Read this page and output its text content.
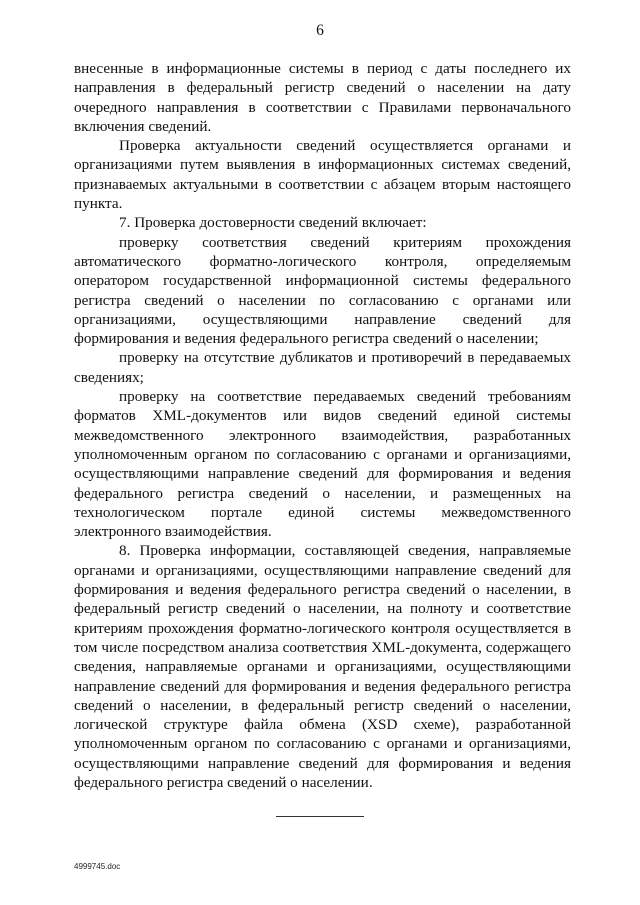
6

внесенные в информационные системы в период с даты последнего их направления в федеральный регистр сведений о населении на дату очередного направления в соответствии с Правилами первоначального включения сведений.

Проверка актуальности сведений осуществляется органами и организациями путем выявления в информационных системах сведений, признаваемых актуальными в соответствии с абзацем вторым настоящего пункта.

7. Проверка достоверности сведений включает:

проверку соответствия сведений критериям прохождения автоматического форматно-логического контроля, определяемым оператором государственной информационной системы федерального регистра сведений о населении по согласованию с органами или организациями, осуществляющими направление сведений для формирования и ведения федерального регистра сведений о населении;

проверку на отсутствие дубликатов и противоречий в передаваемых сведениях;

проверку на соответствие передаваемых сведений требованиям форматов XML-документов или видов сведений единой системы межведомственного электронного взаимодействия, разработанных уполномоченным органом по согласованию с органами и организациями, осуществляющими направление сведений для формирования и ведения федерального регистра сведений о населении, и размещенных на технологическом портале единой системы межведомственного электронного взаимодействия.

8. Проверка информации, составляющей сведения, направляемые органами и организациями, осуществляющими направление сведений для формирования и ведения федерального регистра сведений о населении, в федеральный регистр сведений о населении, на полноту и соответствие критериям прохождения форматно-логического контроля осуществляется в том числе посредством анализа соответствия XML-документа, содержащего сведения, направляемые органами и организациями, осуществляющими направление сведений для формирования и ведения федерального регистра сведений о населении, в федеральный регистр сведений о населении, логической структуре файла обмена (XSD схеме), разработанной уполномоченным органом по согласованию с органами и организациями, осуществляющими направление сведений для формирования и ведения федерального регистра сведений о населении.

4999745.doc
